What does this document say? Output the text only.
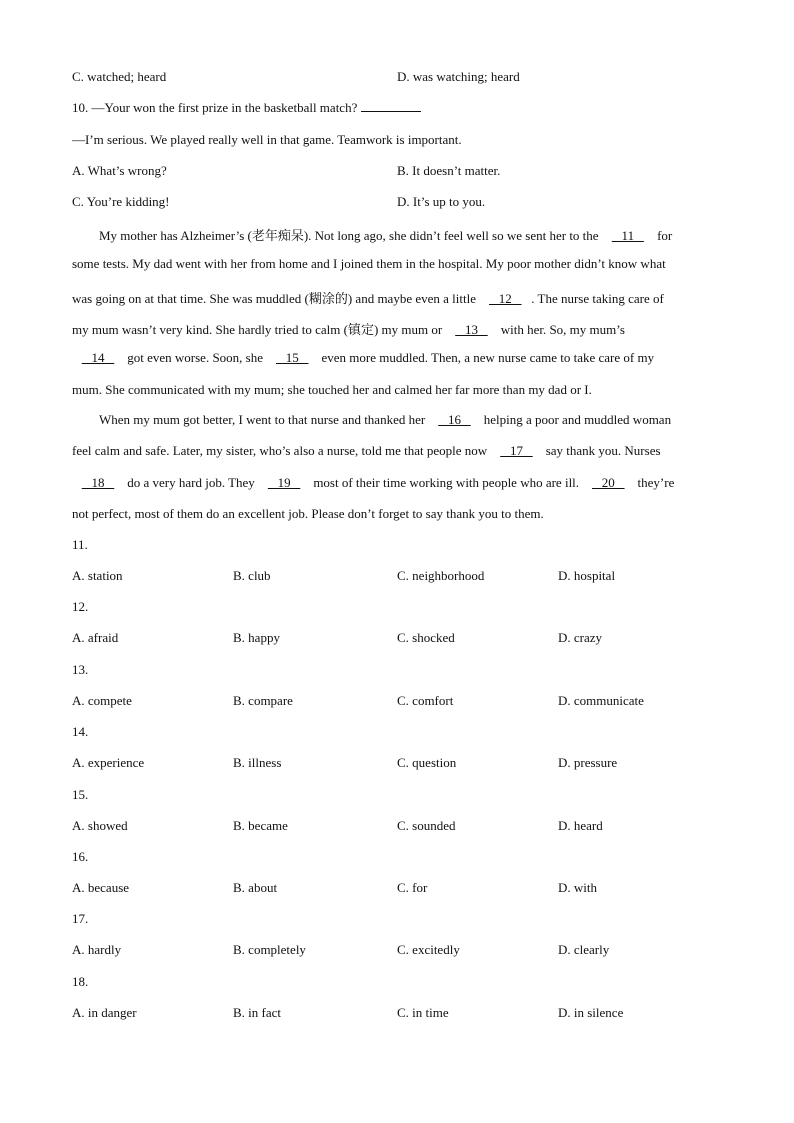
C. watched; heard	D. was watching; heard
10. —Your won the first prize in the basketball match?
—I’m serious. We played really well in that game. Teamwork is important.
A. What’s wrong?	B. It doesn’t matter.
C. You’re kidding!	D. It’s up to you.
My mother has Alzheimer’s (老年痴呆). Not long ago, she didn’t feel well so we sent her to the    11    for
some tests. My dad went with her from home and I joined them in the hospital. My poor mother didn’t know what
was going on at that time. She was muddled (糊涂的) and maybe even a little    12   . The nurse taking care of
my mum wasn’t very kind. She hardly tried to calm (镇定) my mum or    13    with her. So, my mum’s
14    got even worse. Soon, she    15    even more muddled. Then, a new nurse came to take care of my
mum. She communicated with my mum; she touched her and calmed her far more than my dad or I.
When my mum got better, I went to that nurse and thanked her    16    helping a poor and muddled woman
feel calm and safe. Later, my sister, who’s also a nurse, told me that people now    17    say thank you. Nurses
18    do a very hard job. They    19    most of their time working with people who are ill.    20    they’re
not perfect, most of them do an excellent job. Please don’t forget to say thank you to them.
11.
A. station	B. club	C. neighborhood	D. hospital
12.
A. afraid	B. happy	C. shocked	D. crazy
13.
A. compete	B. compare	C. comfort	D. communicate
14.
A. experience	B. illness	C. question	D. pressure
15.
A. showed	B. became	C. sounded	D. heard
16.
A. because	B. about	C. for	D. with
17.
A. hardly	B. completely	C. excitedly	D. clearly
18.
A. in danger	B. in fact	C. in time	D. in silence
